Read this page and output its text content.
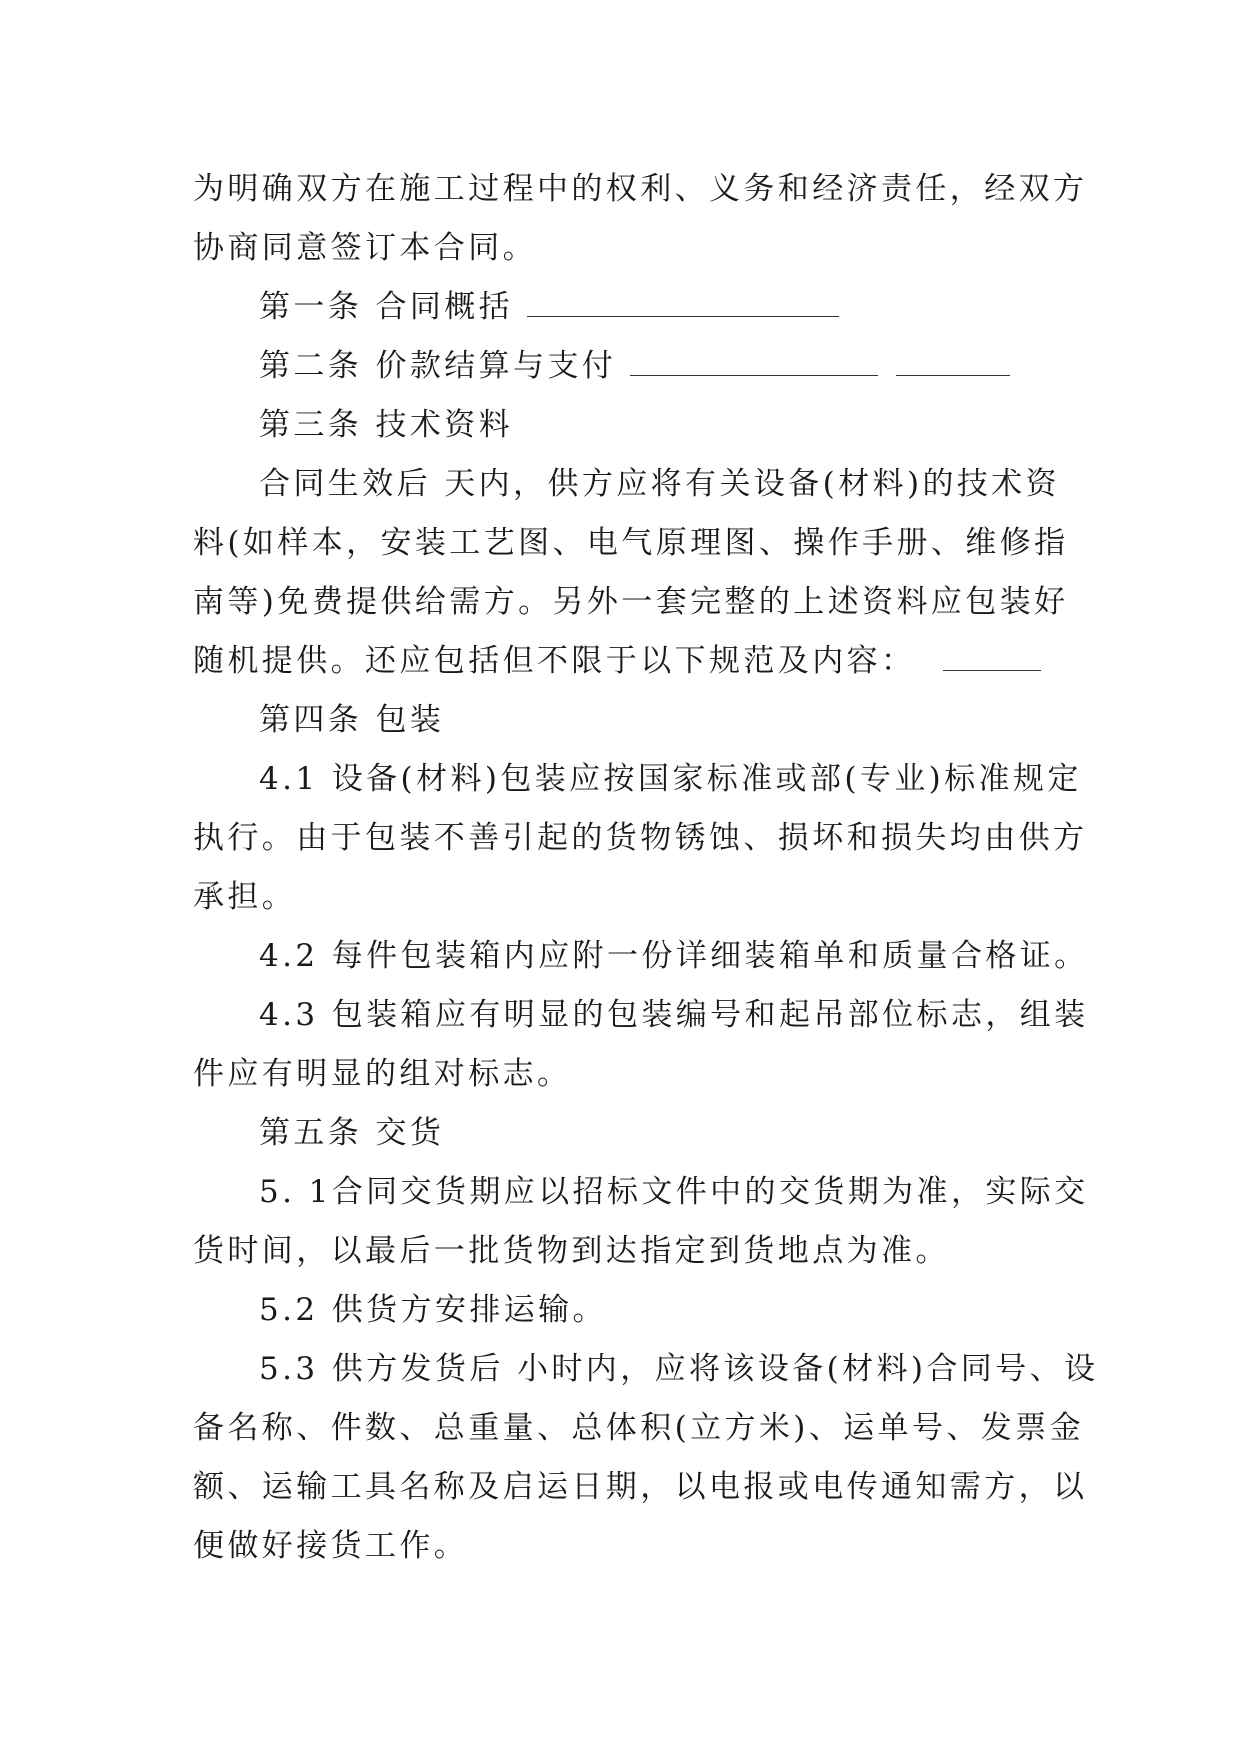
为明确双方在施工过程中的权利、义务和经济责任，经双方
协商同意签订本合同。
第一条 合同概括
第二条 价款结算与支付
第三条 技术资料
合同生效后 天内，供方应将有关设备(材料)的技术资
料(如样本，安装工艺图、电气原理图、操作手册、维修指
南等)免费提供给需方。另外一套完整的上述资料应包装好
随机提供。还应包括但不限于以下规范及内容：
第四条 包装
4.1 设备(材料)包装应按国家标准或部(专业)标准规定
执行。由于包装不善引起的货物锈蚀、损坏和损失均由供方
承担。
4.2 每件包装箱内应附一份详细装箱单和质量合格证。
4.3 包装箱应有明显的包装编号和起吊部位标志，组装
件应有明显的组对标志。
第五条 交货
5. 1合同交货期应以招标文件中的交货期为准，实际交
货时间，以最后一批货物到达指定到货地点为准。
5.2 供货方安排运输。
5.3 供方发货后 小时内，应将该设备(材料)合同号、设
备名称、件数、总重量、总体积(立方米)、运单号、发票金
额、运输工具名称及启运日期，以电报或电传通知需方，以
便做好接货工作。
